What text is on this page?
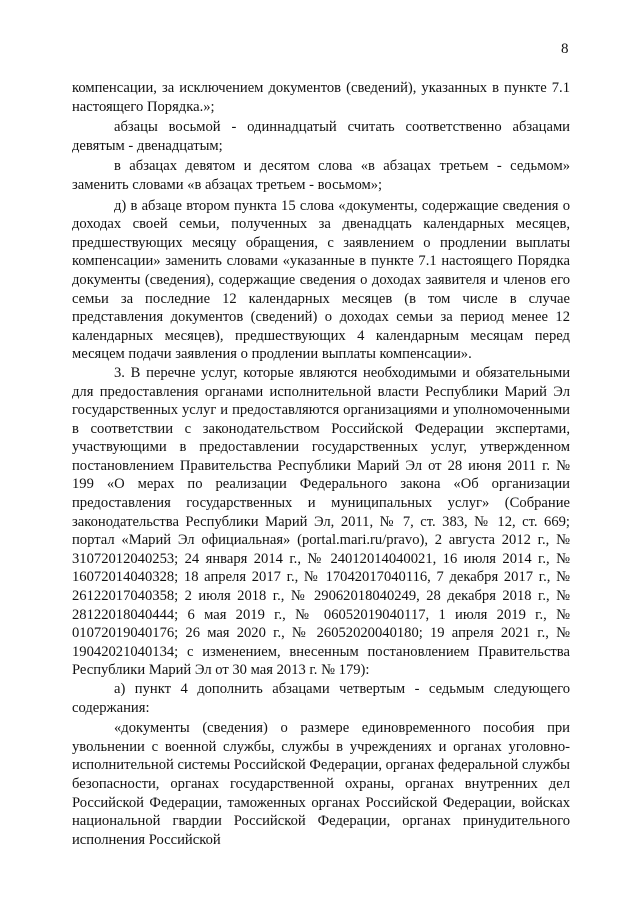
8

компенсации, за исключением документов (сведений), указанных в пункте 7.1 настоящего Порядка.»;

абзацы восьмой - одиннадцатый считать соответственно абзацами девятым - двенадцатым;

в абзацах девятом и десятом слова «в абзацах третьем - седьмом» заменить словами «в абзацах третьем - восьмом»;

д) в абзаце втором пункта 15 слова «документы, содержащие сведения о доходах своей семьи, полученных за двенадцать календарных месяцев, предшествующих месяцу обращения, с заявлением о продлении выплаты компенсации» заменить словами «указанные в пункте 7.1 настоящего Порядка документы (сведения), содержащие сведения о доходах заявителя и членов его семьи за последние 12 календарных месяцев (в том числе в случае представления документов (сведений) о доходах семьи за период менее 12 календарных месяцев), предшествующих 4 календарным месяцам перед месяцем подачи заявления о продлении выплаты компенсации».

3. В перечне услуг, которые являются необходимыми и обязательными для предоставления органами исполнительной власти Республики Марий Эл государственных услуг и предоставляются организациями и уполномоченными в соответствии с законодательством Российской Федерации экспертами, участвующими в предоставлении государственных услуг, утвержденном постановлением Правительства Республики Марий Эл от 28 июня 2011 г. № 199 «О мерах по реализации Федерального закона «Об организации предоставления государственных и муниципальных услуг» (Собрание законодательства Республики Марий Эл, 2011, № 7, ст. 383, № 12, ст. 669; портал «Марий Эл официальная» (portal.mari.ru/pravo), 2 августа 2012 г., № 31072012040253; 24 января 2014 г., № 24012014040021, 16 июля 2014 г., № 16072014040328; 18 апреля 2017 г., № 17042017040116, 7 декабря 2017 г., № 26122017040358; 2 июля 2018 г., № 29062018040249, 28 декабря 2018 г., № 28122018040444; 6 мая 2019 г., № 06052019040117, 1 июля 2019 г., № 01072019040176; 26 мая 2020 г., № 26052020040180; 19 апреля 2021 г., № 19042021040134; с изменением, внесенным постановлением Правительства Республики Марий Эл от 30 мая 2013 г. № 179):

а) пункт 4 дополнить абзацами четвертым - седьмым следующего содержания:

«документы (сведения) о размере единовременного пособия при увольнении с военной службы, службы в учреждениях и органах уголовно-исполнительной системы Российской Федерации, органах федеральной службы безопасности, органах государственной охраны, органах внутренних дел Российской Федерации, таможенных органах Российской Федерации, войсках национальной гвардии Российской Федерации, органах принудительного исполнения Российской
